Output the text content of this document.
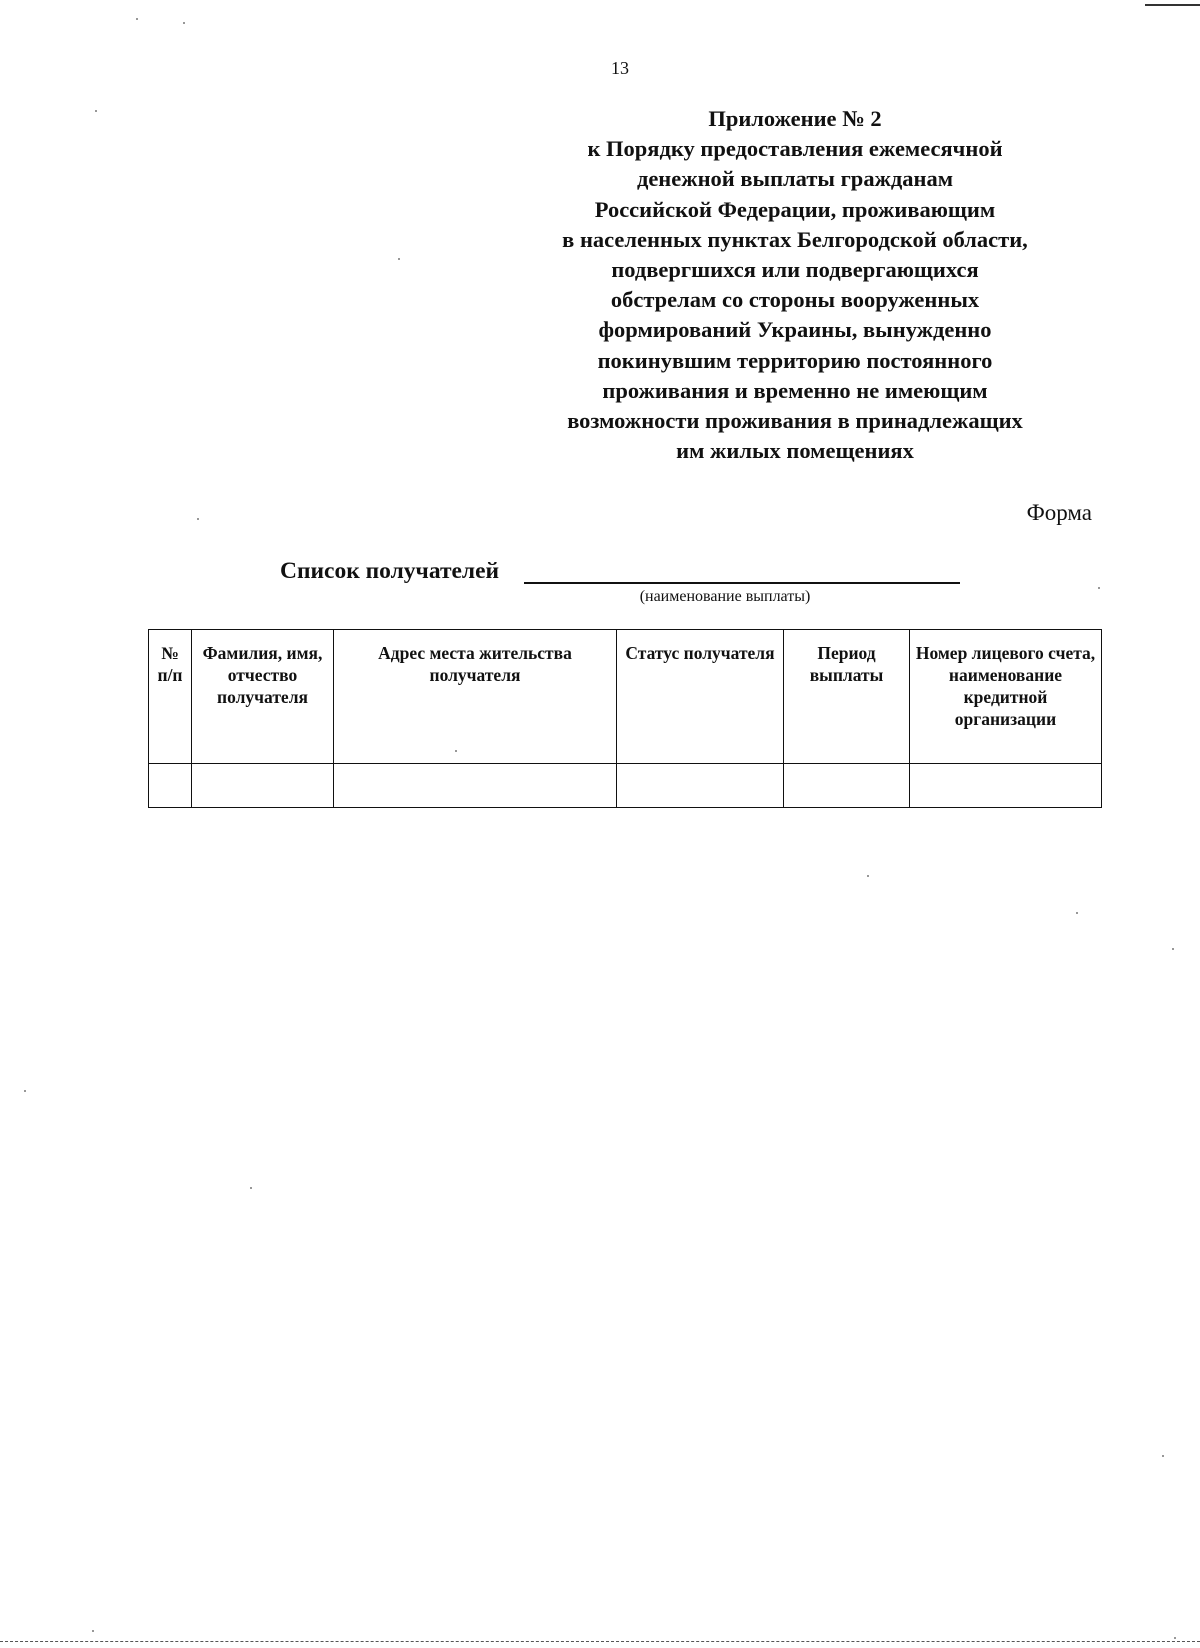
13
Приложение № 2
к Порядку предоставления ежемесячной
денежной выплаты гражданам
Российской Федерации, проживающим
в населенных пунктах Белгородской области,
подвергшихся или подвергающихся
обстрелам со стороны вооруженных
формирований Украины, вынужденно
покинувшим территорию постоянного
проживания и временно не имеющим
возможности проживания в принадлежащих
им жилых помещениях
Форма
Список получателей
(наименование выплаты)
№ п/п	Фамилия, имя, отчество получателя	Адрес места жительства получателя	Статус получателя	Период выплаты	Номер лицевого счета, наименование кредитной организации
